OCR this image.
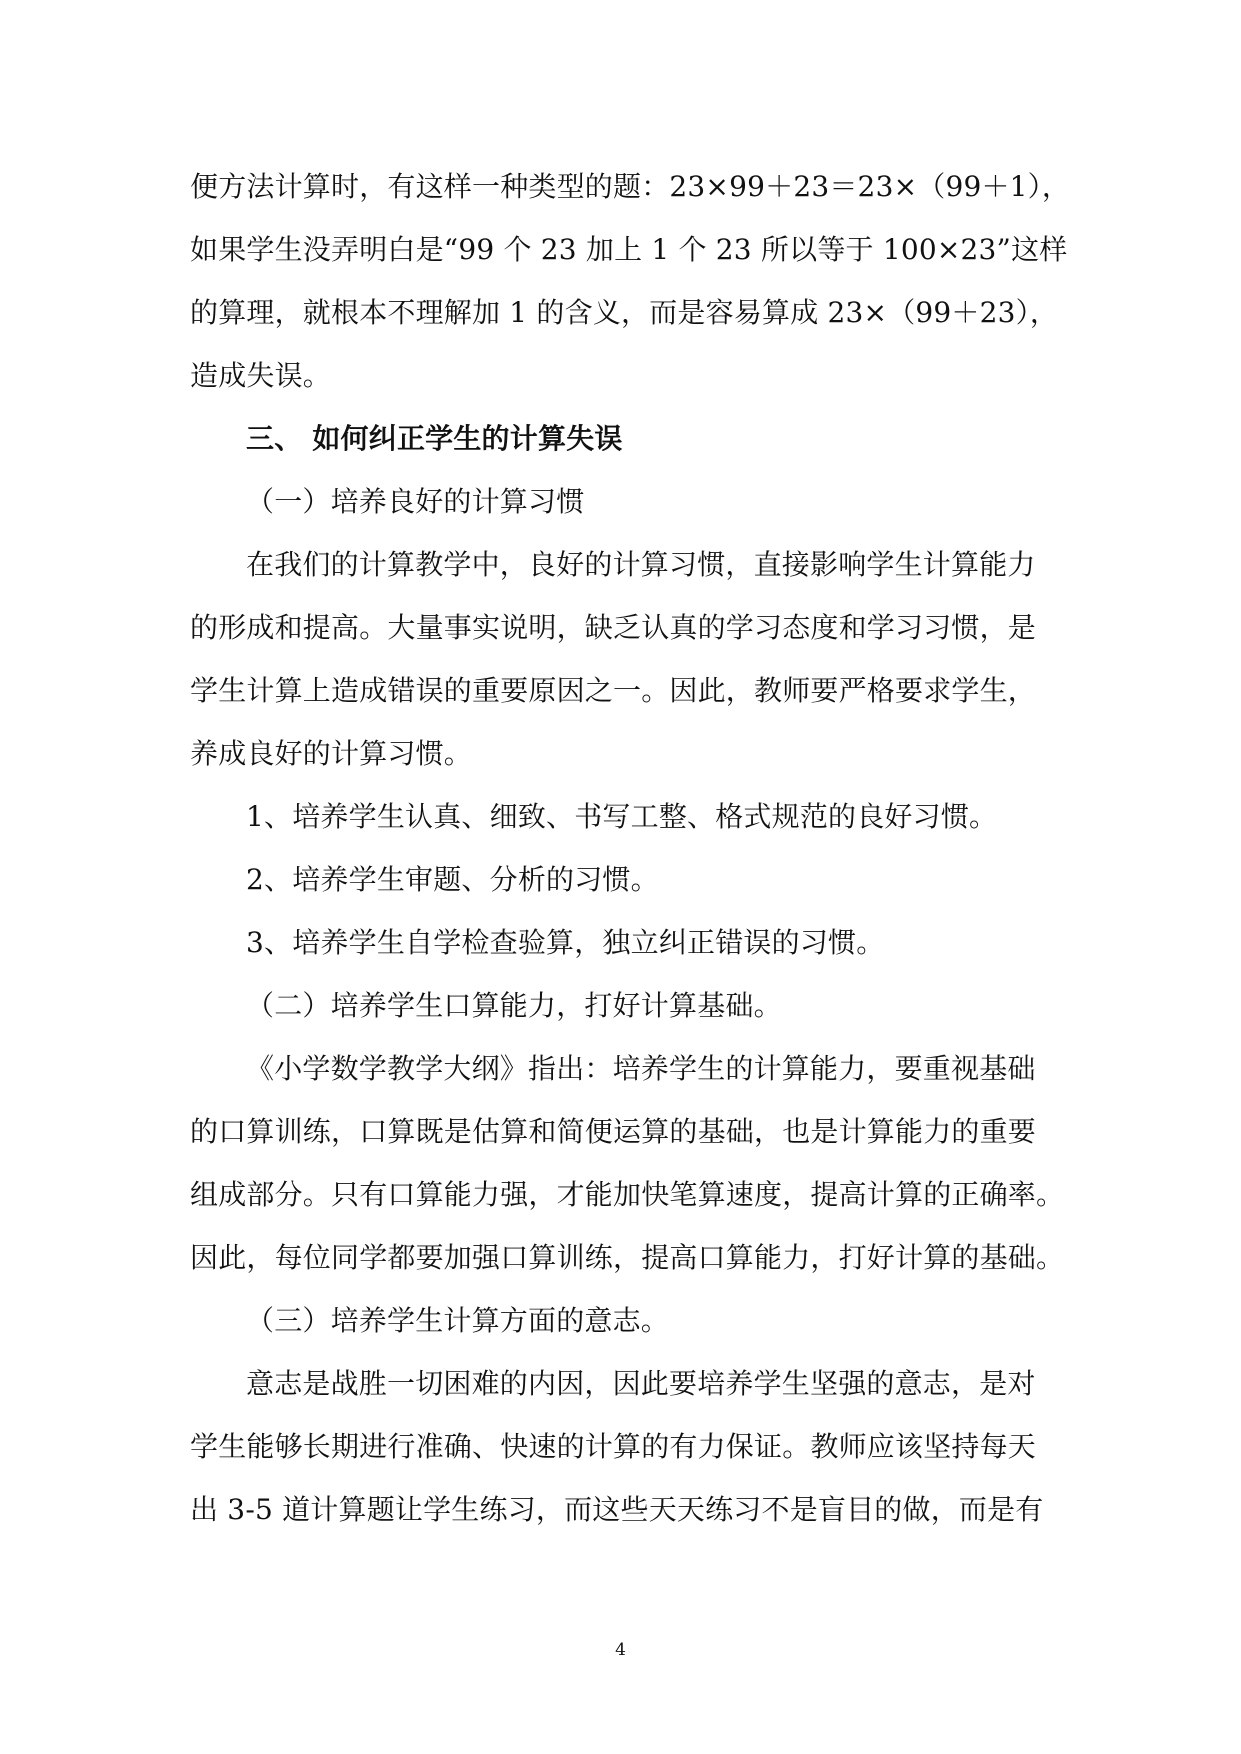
便方法计算时，有这样一种类型的题：23×99＋23＝23×（99＋1），
如果学生没弄明白是“99 个 23 加上 1 个 23 所以等于 100×23”这样
的算理，就根本不理解加 1 的含义，而是容易算成 23×（99＋23），
造成失误。
三、 如何纠正学生的计算失误
（一）培养良好的计算习惯
在我们的计算教学中，良好的计算习惯，直接影响学生计算能力
的形成和提高。大量事实说明，缺乏认真的学习态度和学习习惯，是
学生计算上造成错误的重要原因之一。因此，教师要严格要求学生，
养成良好的计算习惯。
1、培养学生认真、细致、书写工整、格式规范的良好习惯。
2、培养学生审题、分析的习惯。
3、培养学生自学检查验算，独立纠正错误的习惯。
（二）培养学生口算能力，打好计算基础。
《小学数学教学大纲》指出：培养学生的计算能力，要重视基础
的口算训练，口算既是估算和简便运算的基础，也是计算能力的重要
组成部分。只有口算能力强，才能加快笔算速度，提高计算的正确率。
因此，每位同学都要加强口算训练，提高口算能力，打好计算的基础。
（三）培养学生计算方面的意志。
意志是战胜一切困难的内因，因此要培养学生坚强的意志，是对
学生能够长期进行准确、快速的计算的有力保证。教师应该坚持每天
出 3-5 道计算题让学生练习，而这些天天练习不是盲目的做，而是有
4
